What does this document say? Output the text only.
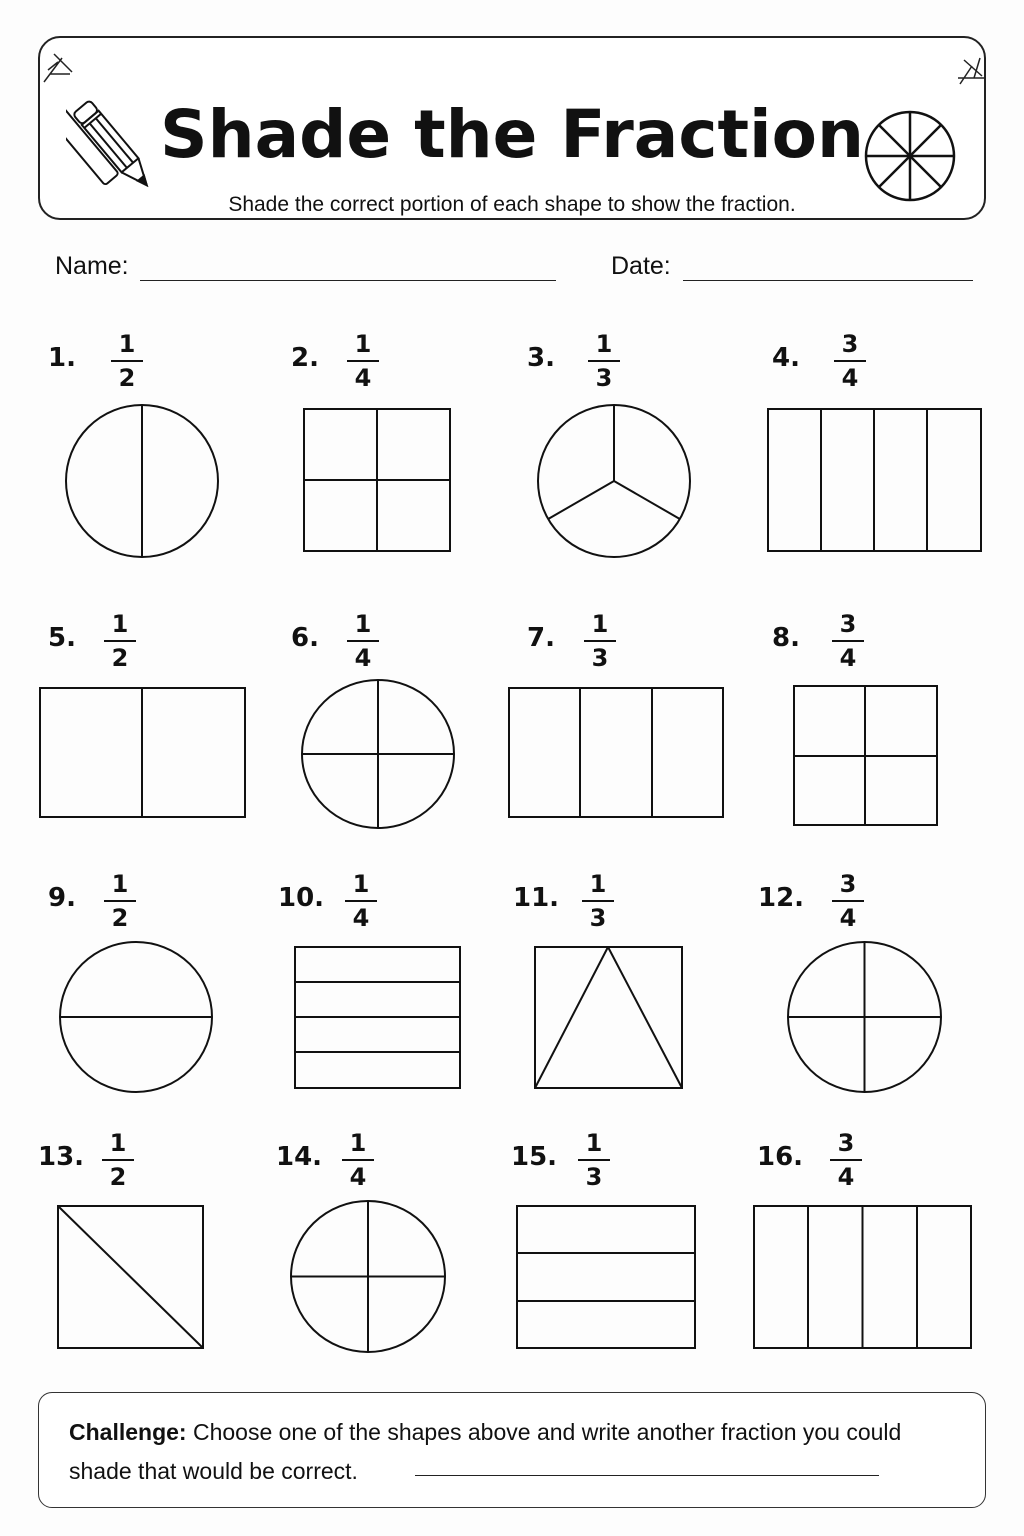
Shade the Fraction
Shade the correct portion of each shape to show the fraction.
Name:	Date:
1.	1
2
2.	1
4
3.	1
3
4.	3
4
5.	1
2
6.	1
4
7.	1
3
8.	3
4
9.	1
2
10.	1
4
11.	1
3
12.	3
4
13.	1
2
14.	1
4
15.	1
3
16.	3
4
Challenge: Choose one of the shapes above and write another fraction you could shade that would be correct.
